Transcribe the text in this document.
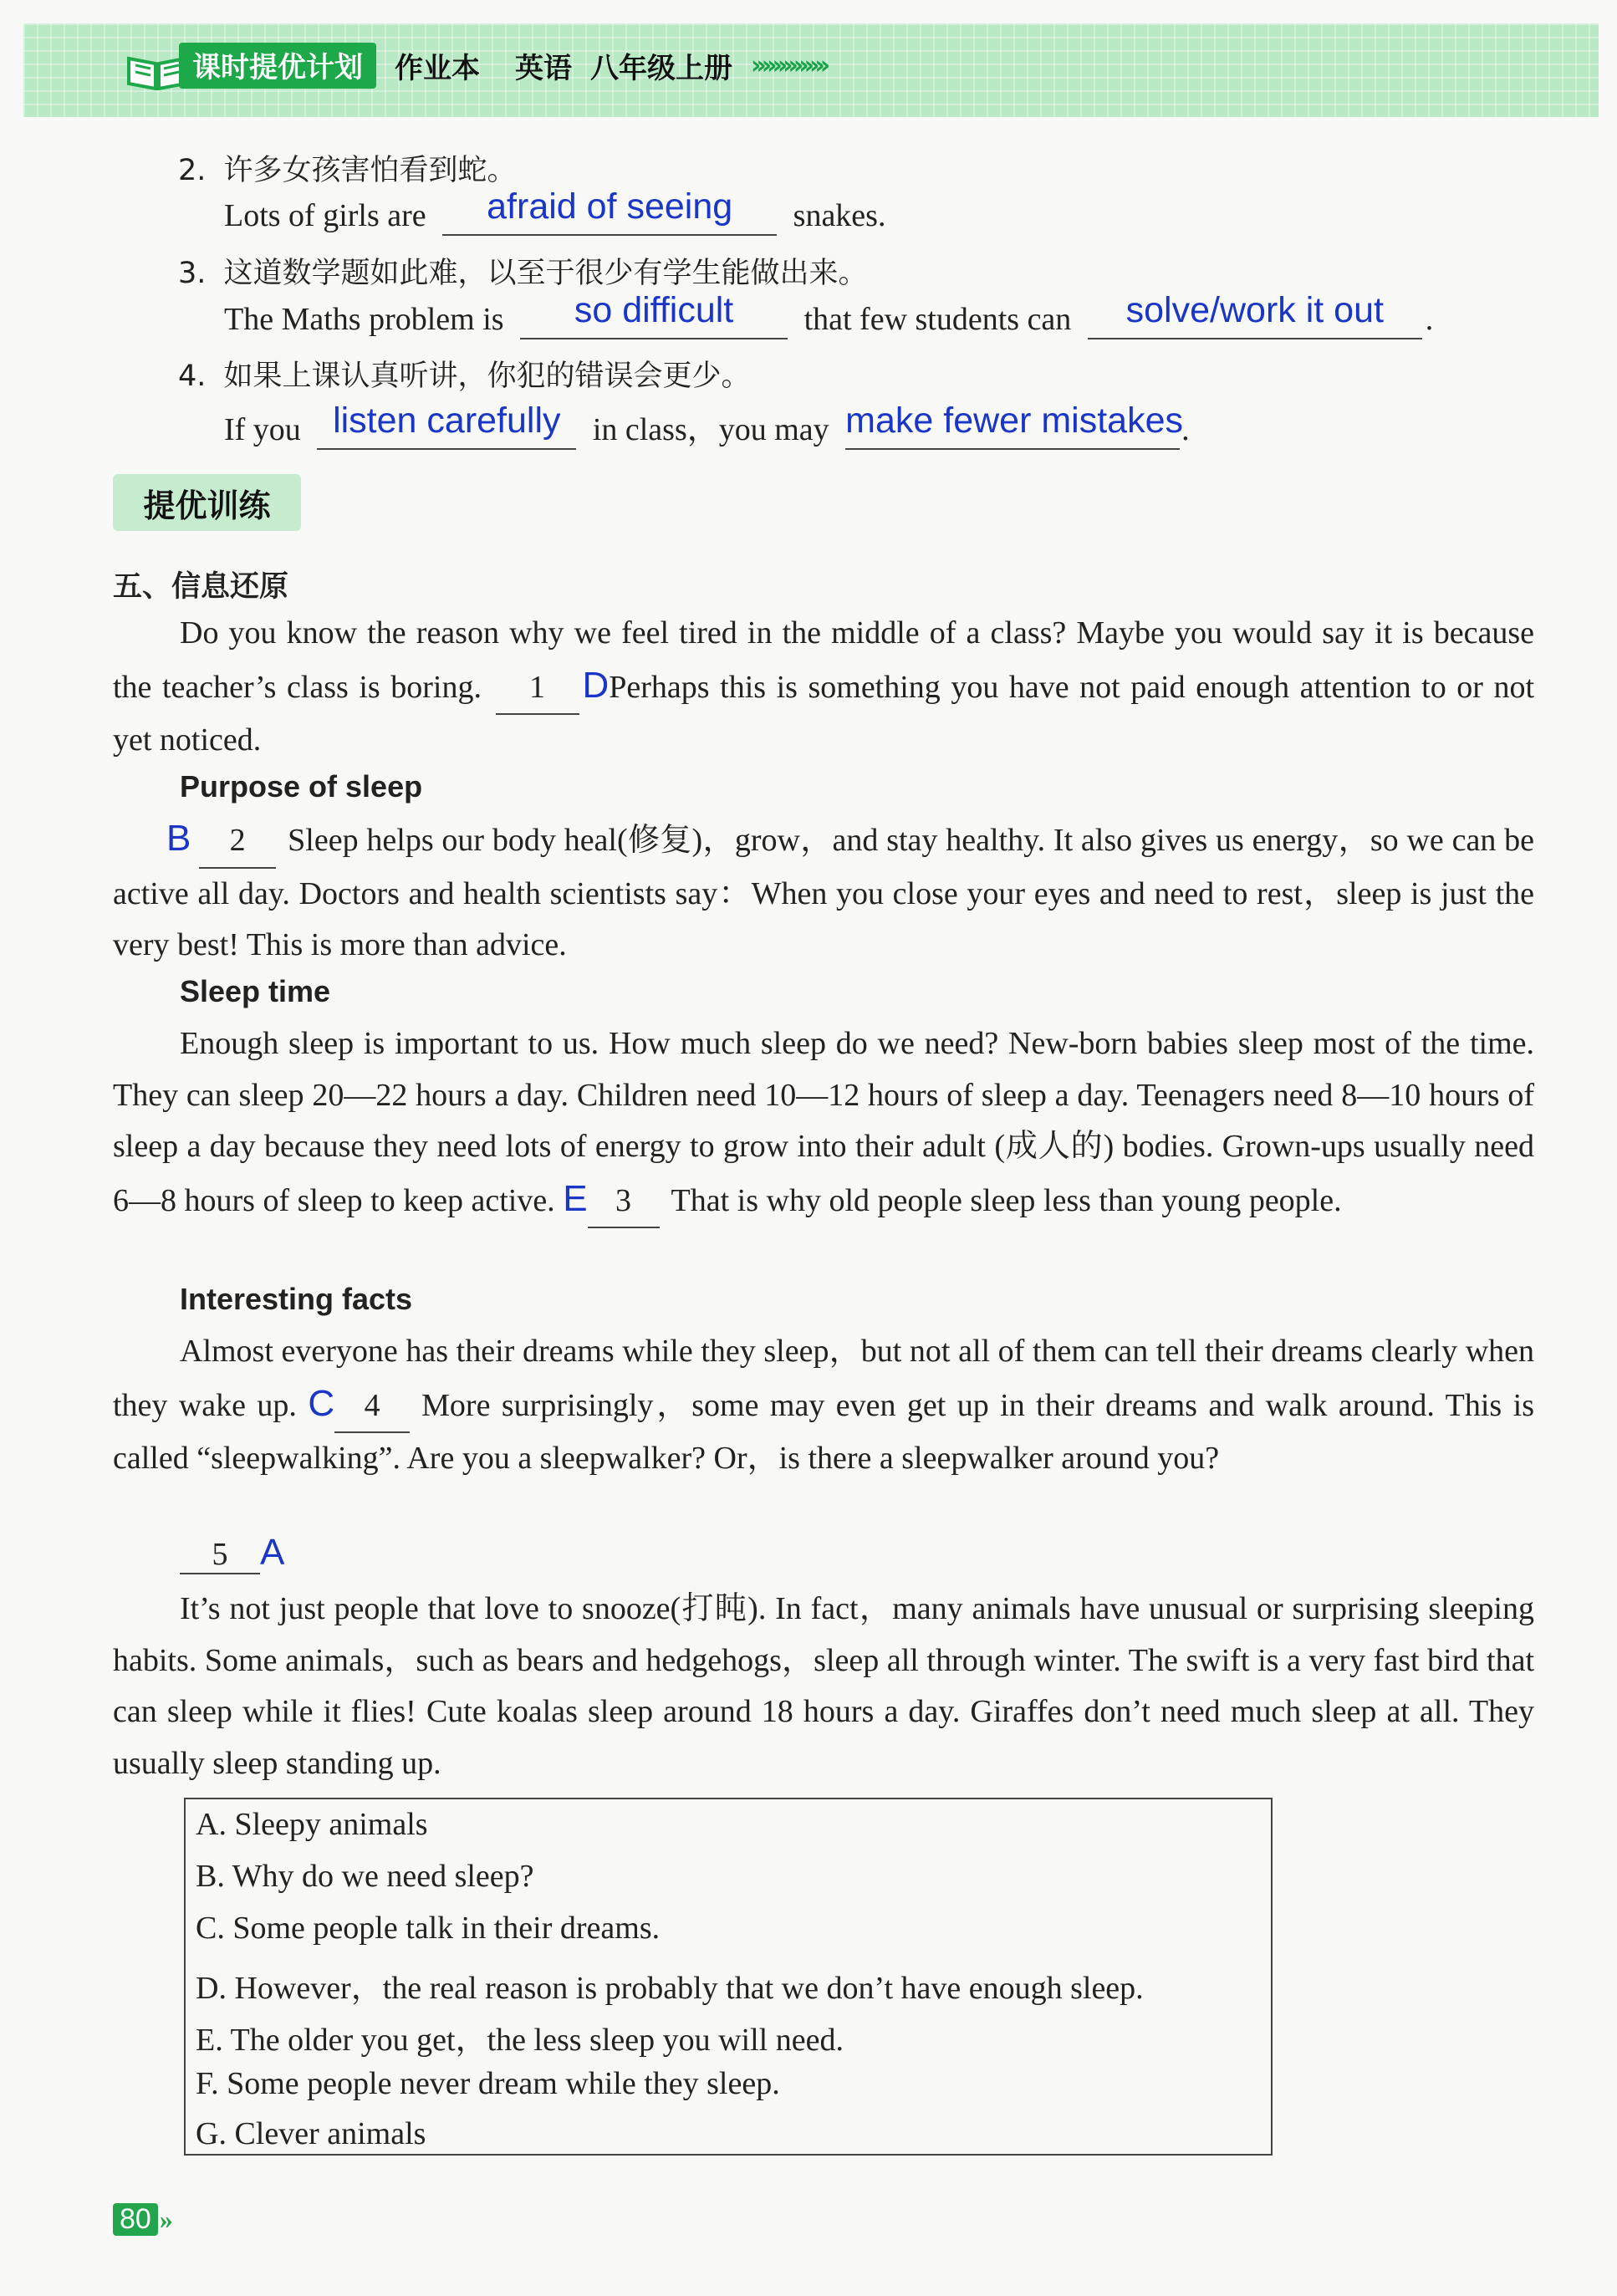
课时提优计划	作业本 英语 八年级上册 ››››››››››››››
2. 许多女孩害怕看到蛇。
Lots of girls are	afraid of seeing	snakes.
3. 这道数学题如此难，以至于很少有学生能做出来。
The Maths problem is	so difficult	that few students can	solve/work it out	.
4. 如果上课认真听讲，你犯的错误会更少。
If you listen carefully	in class，you may make fewer mistakes
.
提优训练
五、信息还原
Do you know the reason why we feel tired in the middle of a class? Maybe you would say it is because the teacher’s class is boring. 1 DPerhaps this is something you have not paid enough attention to or not yet noticed.
Purpose of sleep
B 2 Sleep helps our body heal(修复)，grow，and stay healthy. It also gives us energy，so we can be active all day. Doctors and health scientists say：When you close your eyes and need to rest，sleep is just the very best! This is more than advice.
Sleep time
Enough sleep is important to us. How much sleep do we need? New-born babies sleep most of the time. They can sleep 20—22 hours a day. Children need 10—12 hours of sleep a day. Teenagers need 8—10 hours of sleep a day because they need lots of energy to grow into their adult (成人的) bodies. Grown-ups usually need 6—8 hours of sleep to keep active. E 3 That is why old people sleep less than young people.
Interesting facts
Almost everyone has their dreams while they sleep，but not all of them can tell their dreams clearly when they wake up. C 4 More surprisingly，some may even get up in their dreams and walk around. This is called “sleepwalking”. Are you a sleepwalker? Or，is there a sleepwalker around you?
5 A
It’s not just people that love to snooze(打盹). In fact，many animals have unusual or surprising sleeping habits. Some animals，such as bears and hedgehogs，sleep all through winter. The swift is a very fast bird that can sleep while it flies! Cute koalas sleep around 18 hours a day. Giraffes don’t need much sleep at all. They usually sleep standing up.
A. Sleepy animals
B. Why do we need sleep?
C. Some people talk in their dreams.
D. However，the real reason is probably that we don’t have enough sleep.
E. The older you get，the less sleep you will need.
F. Some people never dream while they sleep.
G. Clever animals
80 »
